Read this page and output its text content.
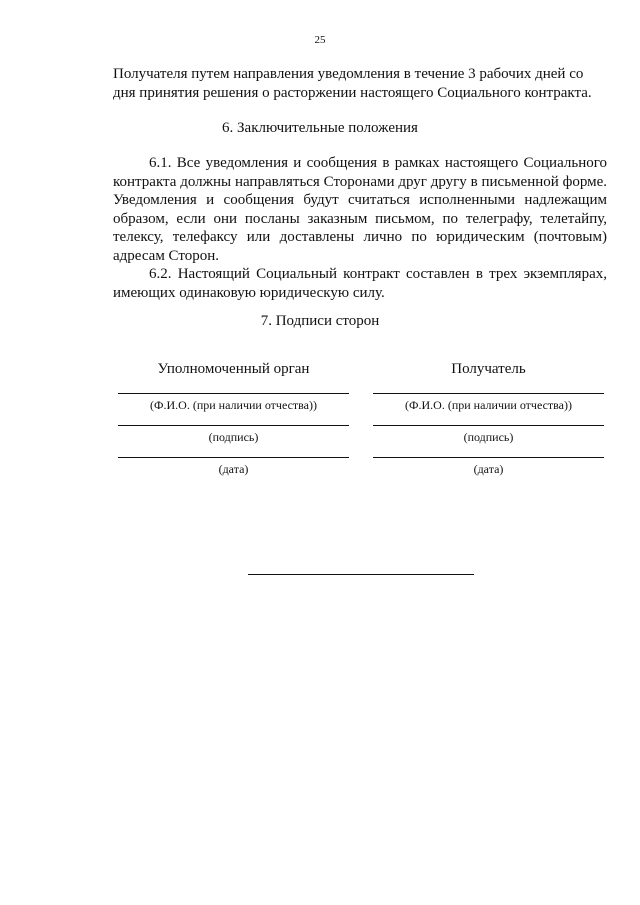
25
Получателя путем направления уведомления в течение 3 рабочих дней со дня принятия решения о расторжении настоящего Социального контракта.
6. Заключительные положения

6.1. Все уведомления и сообщения в рамках настоящего Социального контракта должны направляться Сторонами друг другу в письменной форме. Уведомления и сообщения будут считаться исполненными надлежащим образом, если они посланы заказным письмом, по телеграфу, телетайпу, телексу, телефаксу или доставлены лично по юридическим (почтовым) адресам Сторон.

6.2. Настоящий Социальный контракт составлен в трех экземплярах, имеющих одинаковую юридическую силу.

7. Подписи сторон
Уполномоченный орган
(Ф.И.О. (при наличии отчества))
(подпись)
(дата)
Получатель
(Ф.И.О. (при наличии отчества))
(подпись)
(дата)
